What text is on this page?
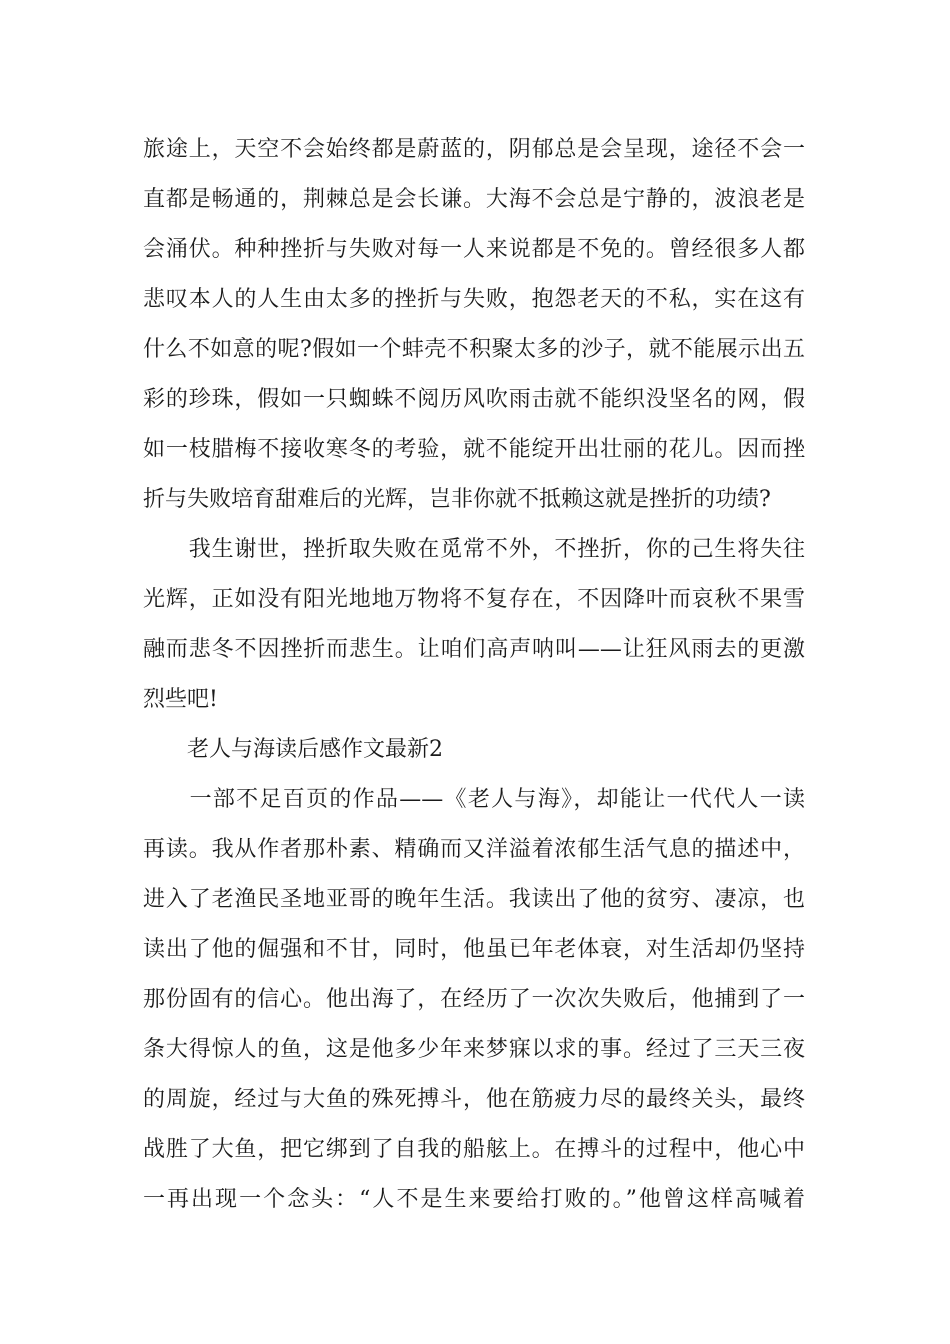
旅途上，天空不会始终都是蔚蓝的，阴郁总是会呈现，途径不会一
直都是畅通的，荆棘总是会长谦。大海不会总是宁静的，波浪老是
会涌伏。种种挫折与失败对每一人来说都是不免的。曾经很多人都
悲叹本人的人生由太多的挫折与失败，抱怨老天的不私，实在这有
什么不如意的呢?假如一个蚌壳不积聚太多的沙子，就不能展示出五
彩的珍珠，假如一只蜘蛛不阅历风吹雨击就不能织没坚名的网，假
如一枝腊梅不接收寒冬的考验，就不能绽开出壮丽的花儿。因而挫
折与失败培育甜难后的光辉，岂非你就不抵赖这就是挫折的功绩?
　　我生谢世，挫折取失败在觅常不外，不挫折，你的己生将失往
光辉，正如没有阳光地地万物将不复存在，不因降叶而哀秋不果雪
融而悲冬不因挫折而悲生。让咱们高声呐叫——让狂风雨去的更激
烈些吧!
　　老人与海读后感作文最新2
　　一部不足百页的作品——《老人与海》，却能让一代代人一读
再读。我从作者那朴素、精确而又洋溢着浓郁生活气息的描述中，
进入了老渔民圣地亚哥的晚年生活。我读出了他的贫穷、凄凉，也
读出了他的倔强和不甘，同时，他虽已年老体衰，对生活却仍坚持
那份固有的信心。他出海了，在经历了一次次失败后，他捕到了一
条大得惊人的鱼，这是他多少年来梦寐以求的事。经过了三天三夜
的周旋，经过与大鱼的殊死搏斗，他在筋疲力尽的最终关头，最终
战胜了大鱼，把它绑到了自我的船舷上。在搏斗的过程中，他心中
一再出现一个念头：“人不是生来要给打败的。”他曾这样高喊着
